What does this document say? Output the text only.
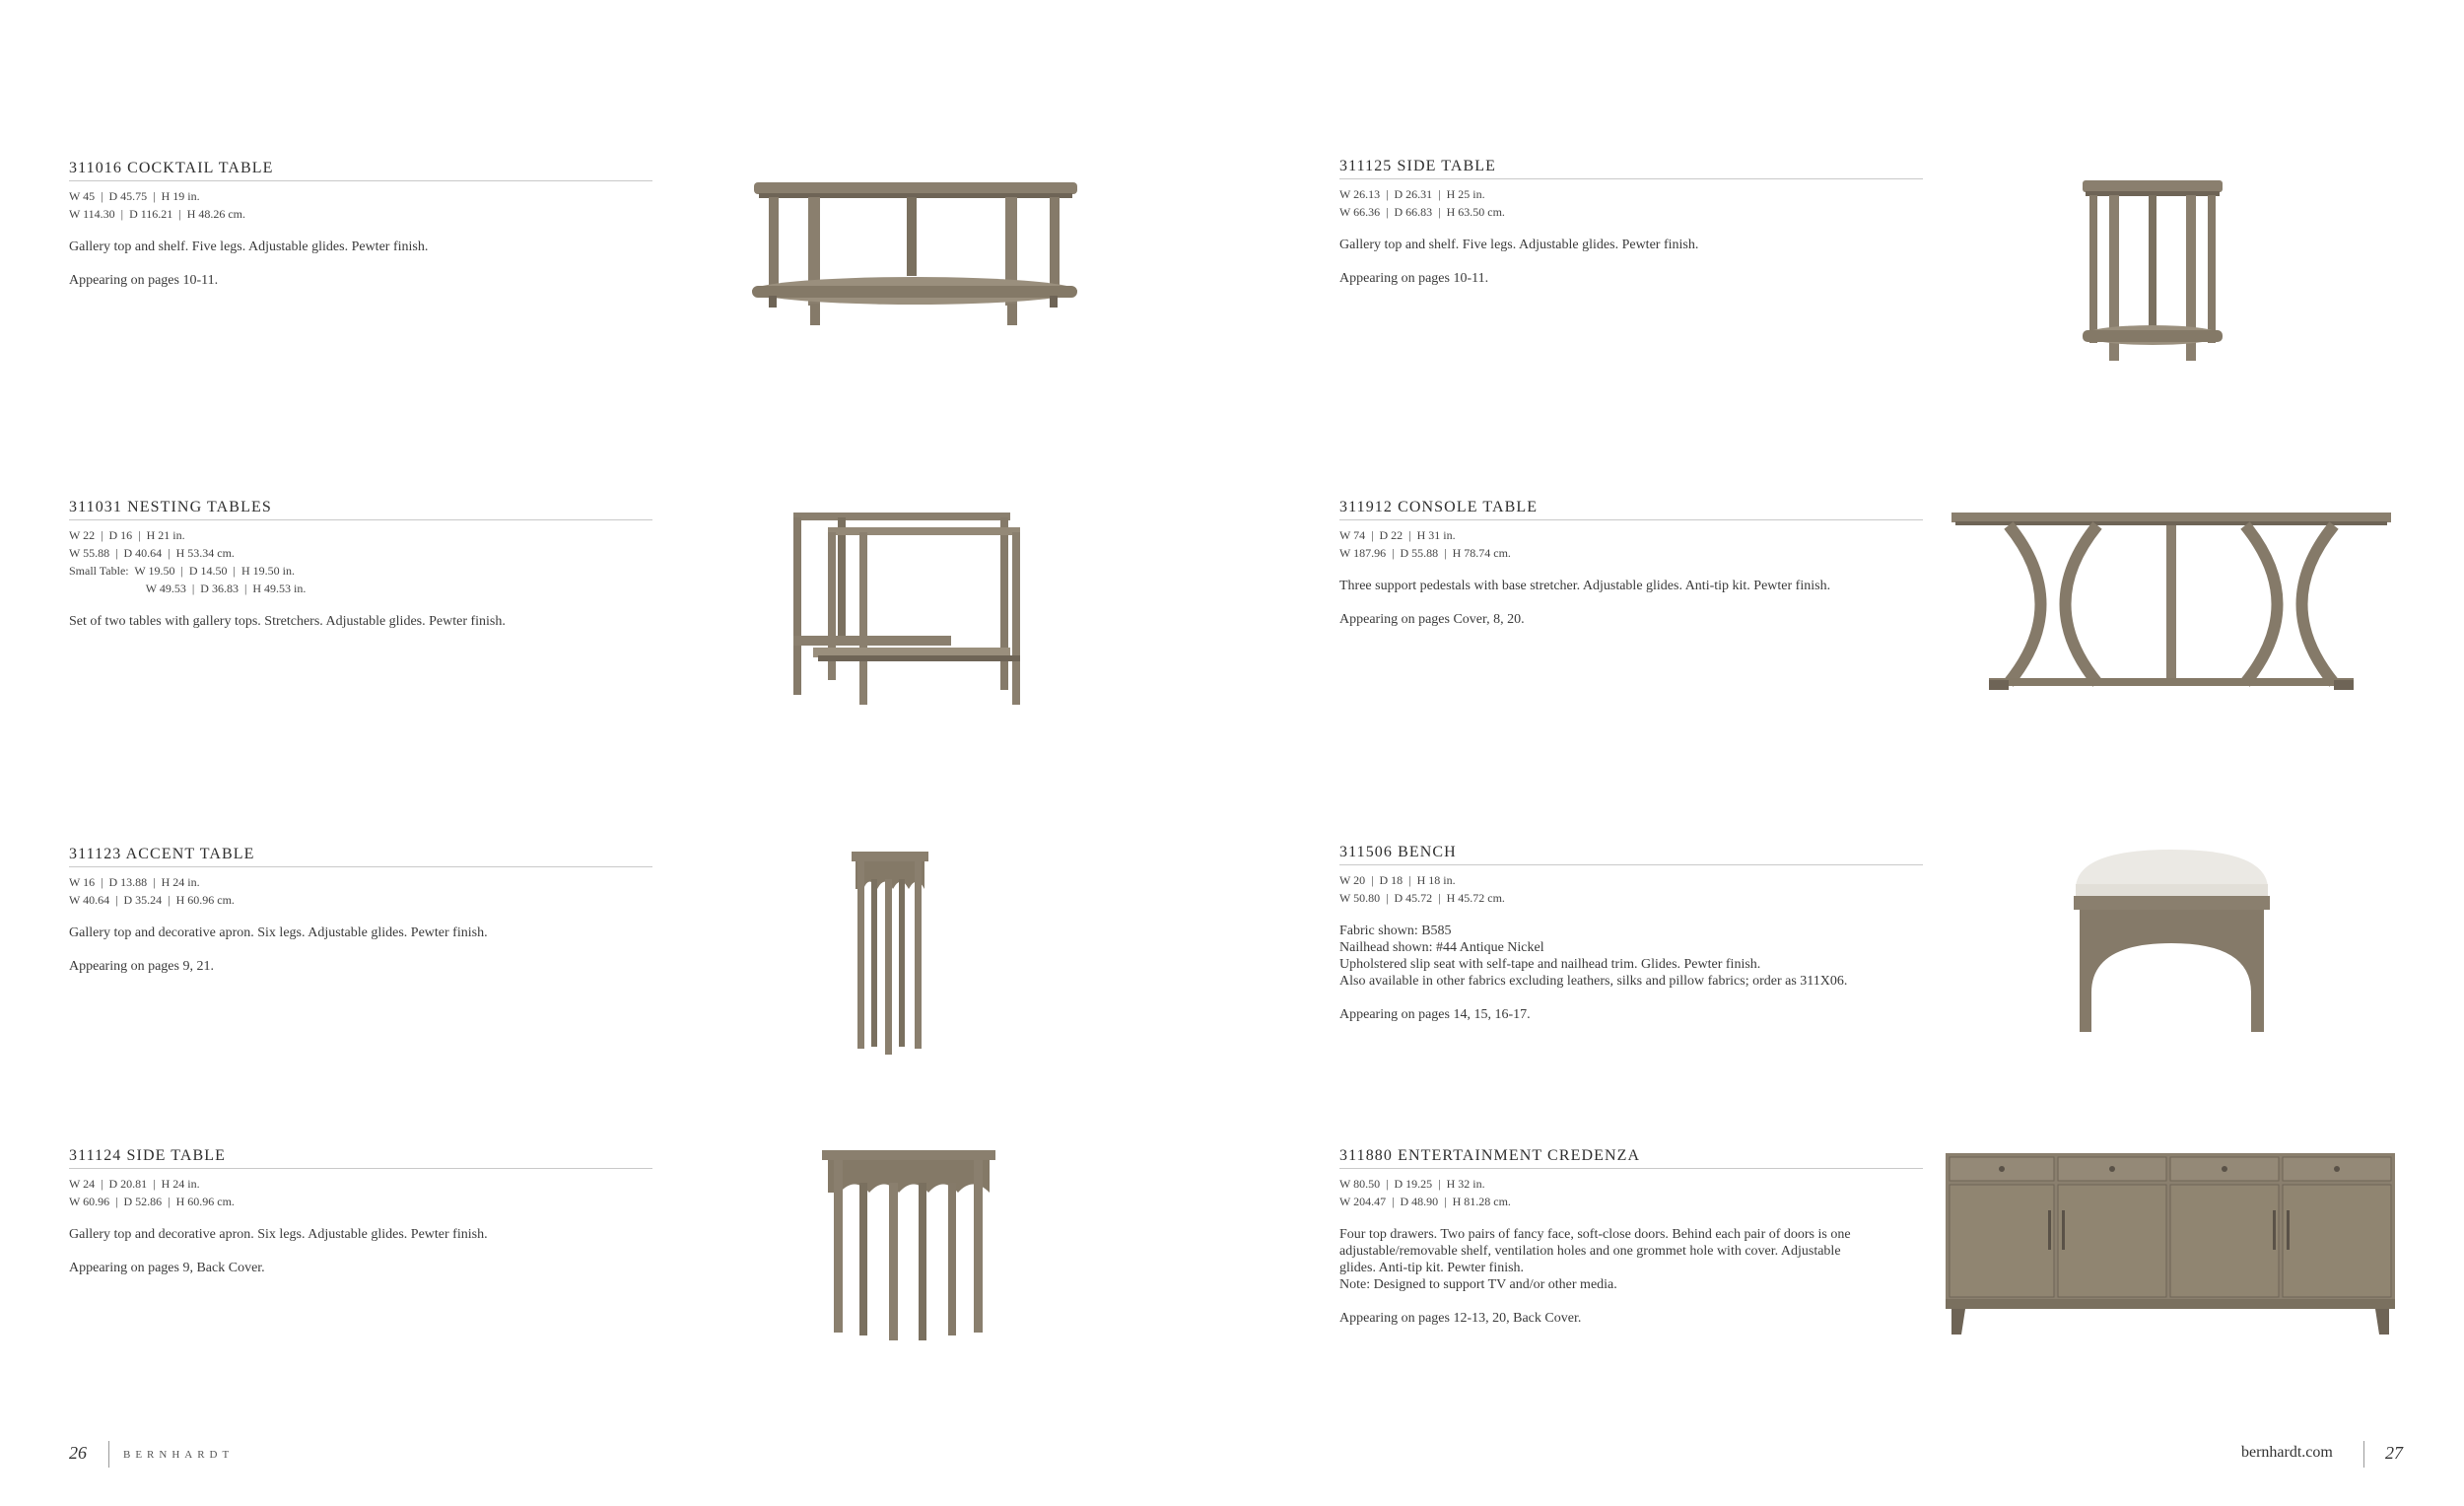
311016 COCKTAIL TABLE
W 45  |  D 45.75  |  H 19 in.
W 114.30  |  D 116.21  |  H 48.26 cm.
Gallery top and shelf. Five legs. Adjustable glides. Pewter finish.
Appearing on pages 10-11.
311125 SIDE TABLE
W 26.13  |  D 26.31  |  H 25 in.
W 66.36  |  D 66.83  |  H 63.50 cm.
Gallery top and shelf. Five legs. Adjustable glides. Pewter finish.
Appearing on pages 10-11.
311031 NESTING TABLES
W 22  |  D 16  |  H 21 in.
W 55.88  |  D 40.64  |  H 53.34 cm.
Small Table:  W 19.50  |  D 14.50  |  H 19.50 in.
W 49.53  |  D 36.83  |  H 49.53 in.
Set of two tables with gallery tops. Stretchers. Adjustable glides. Pewter finish.
311912 CONSOLE TABLE
W 74  |  D 22  |  H 31 in.
W 187.96  |  D 55.88  |  H 78.74 cm.
Three support pedestals with base stretcher. Adjustable glides. Anti-tip kit. Pewter finish.
Appearing on pages Cover, 8, 20.
311123 ACCENT TABLE
W 16  |  D 13.88  |  H 24 in.
W 40.64  |  D 35.24  |  H 60.96 cm.
Gallery top and decorative apron. Six legs. Adjustable glides. Pewter finish.
Appearing on pages 9, 21.
311506 BENCH
W 20  |  D 18  |  H 18 in.
W 50.80  |  D 45.72  |  H 45.72 cm.
Fabric shown: B585
Nailhead shown: #44 Antique Nickel
Upholstered slip seat with self-tape and nailhead trim. Glides. Pewter finish.
Also available in other fabrics excluding leathers, silks and pillow fabrics; order as 311X06.
Appearing on pages 14, 15, 16-17.
311124 SIDE TABLE
W 24  |  D 20.81  |  H 24 in.
W 60.96  |  D 52.86  |  H 60.96 cm.
Gallery top and decorative apron. Six legs. Adjustable glides. Pewter finish.
Appearing on pages 9, Back Cover.
311880 ENTERTAINMENT CREDENZA
W 80.50  |  D 19.25  |  H 32 in.
W 204.47  |  D 48.90  |  H 81.28 cm.
Four top drawers. Two pairs of fancy face, soft-close doors. Behind each pair of doors is one
adjustable/removable shelf, ventilation holes and one grommet hole with cover. Adjustable
glides. Anti-tip kit. Pewter finish.
Note: Designed to support TV and/or other media.
Appearing on pages 12-13, 20, Back Cover.
26	BERNHARDT	bernhardt.com	27
